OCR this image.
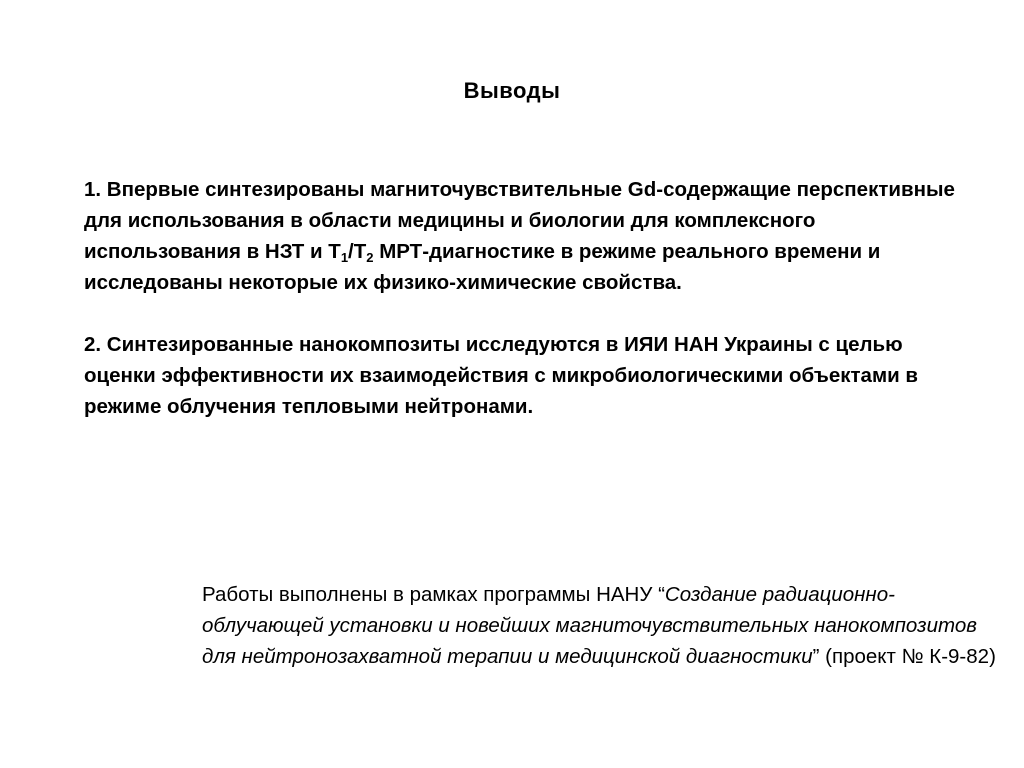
Выводы

1. Впервые синтезированы магниточувствительные Gd-содержащие перспективные для использования в области медицины и биологии для комплексного использования в НЗТ и $T_1/T_2$ МРТ-диагностике в режиме реального времени и исследованы некоторые их физико-химические свойства.

2. Синтезированные нанокомпозиты исследуются в ИЯИ НАН Украины с целью оценки эффективности их взаимодействия с микробиологическими объектами в режиме облучения тепловыми нейтронами.

Работы выполнены в рамках программы НАНУ “Создание радиационно-облучающей установки и новейших магниточувствительных нанокомпозитов для нейтронозахватной терапии и медицинской диагностики” (проект № К-9-82)
